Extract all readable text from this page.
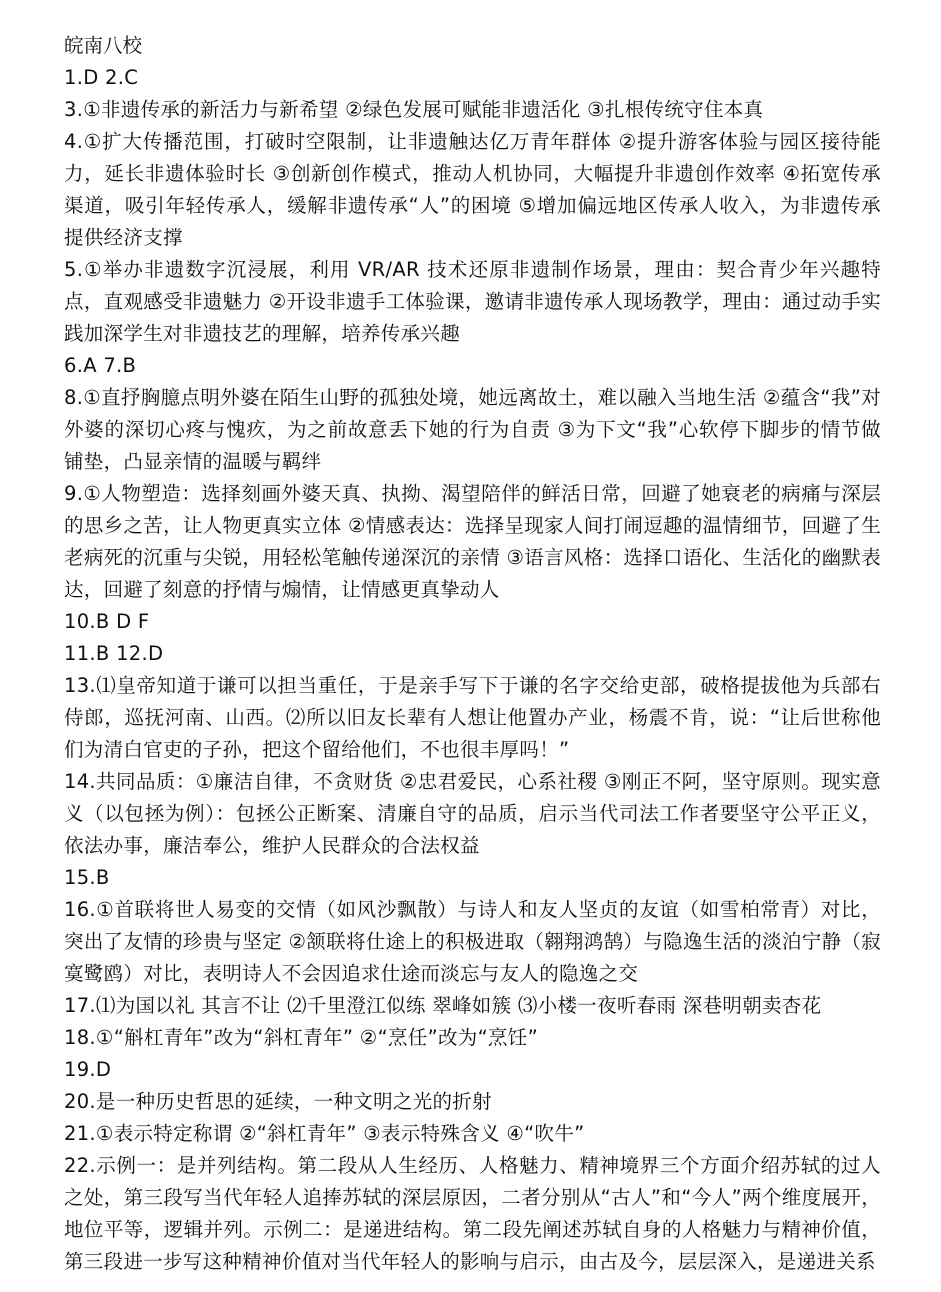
皖南八校
1.D 2.C
3.①非遗传承的新活力与新希望 ②绿色发展可赋能非遗活化 ③扎根传统守住本真
4.①扩大传播范围，打破时空限制，让非遗触达亿万青年群体 ②提升游客体验与园区接待能力，延长非遗体验时长 ③创新创作模式，推动人机协同，大幅提升非遗创作效率 ④拓宽传承渠道，吸引年轻传承人，缓解非遗传承“人”的困境 ⑤增加偏远地区传承人收入，为非遗传承提供经济支撑
5.①举办非遗数字沉浸展，利用 VR/AR 技术还原非遗制作场景，理由：契合青少年兴趣特点，直观感受非遗魅力 ②开设非遗手工体验课，邀请非遗传承人现场教学，理由：通过动手实践加深学生对非遗技艺的理解，培养传承兴趣
6.A 7.B
8.①直抒胸臆点明外婆在陌生山野的孤独处境，她远离故土，难以融入当地生活 ②蕴含“我”对外婆的深切心疼与愧疚，为之前故意丢下她的行为自责 ③为下文“我”心软停下脚步的情节做铺垫，凸显亲情的温暖与羁绊
9.①人物塑造：选择刻画外婆天真、执拗、渴望陪伴的鲜活日常，回避了她衰老的病痛与深层的思乡之苦，让人物更真实立体 ②情感表达：选择呈现家人间打闹逗趣的温情细节，回避了生老病死的沉重与尖锐，用轻松笔触传递深沉的亲情 ③语言风格：选择口语化、生活化的幽默表达，回避了刻意的抒情与煽情，让情感更真挚动人
10.B D F
11.B 12.D
13.⑴皇帝知道于谦可以担当重任，于是亲手写下于谦的名字交给吏部，破格提拔他为兵部右侍郎，巡抚河南、山西。⑵所以旧友长辈有人想让他置办产业，杨震不肯，说：“让后世称他们为清白官吏的子孙，把这个留给他们，不也很丰厚吗！”
14.共同品质：①廉洁自律，不贪财货 ②忠君爱民，心系社稷 ③刚正不阿，坚守原则。现实意义（以包拯为例）：包拯公正断案、清廉自守的品质，启示当代司法工作者要坚守公平正义，依法办事，廉洁奉公，维护人民群众的合法权益
15.B
16.①首联将世人易变的交情（如风沙飘散）与诗人和友人坚贞的友谊（如雪柏常青）对比，突出了友情的珍贵与坚定 ②颔联将仕途上的积极进取（翱翔鸿鹄）与隐逸生活的淡泊宁静（寂寞鹭鸥）对比，表明诗人不会因追求仕途而淡忘与友人的隐逸之交
17.⑴为国以礼 其言不让 ⑵千里澄江似练 翠峰如簇 ⑶小楼一夜听春雨 深巷明朝卖杏花
18.①“斛杠青年”改为“斜杠青年” ②“烹任”改为“烹饪”
19.D
20.是一种历史哲思的延续，一种文明之光的折射
21.①表示特定称谓 ②“斜杠青年” ③表示特殊含义 ④“吹牛”
22.示例一：是并列结构。第二段从人生经历、人格魅力、精神境界三个方面介绍苏轼的过人之处，第三段写当代年轻人追捧苏轼的深层原因，二者分别从“古人”和“今人”两个维度展开，地位平等，逻辑并列。示例二：是递进结构。第二段先阐述苏轼自身的人格魅力与精神价值，第三段进一步写这种精神价值对当代年轻人的影响与启示，由古及今，层层深入，是递进关系
